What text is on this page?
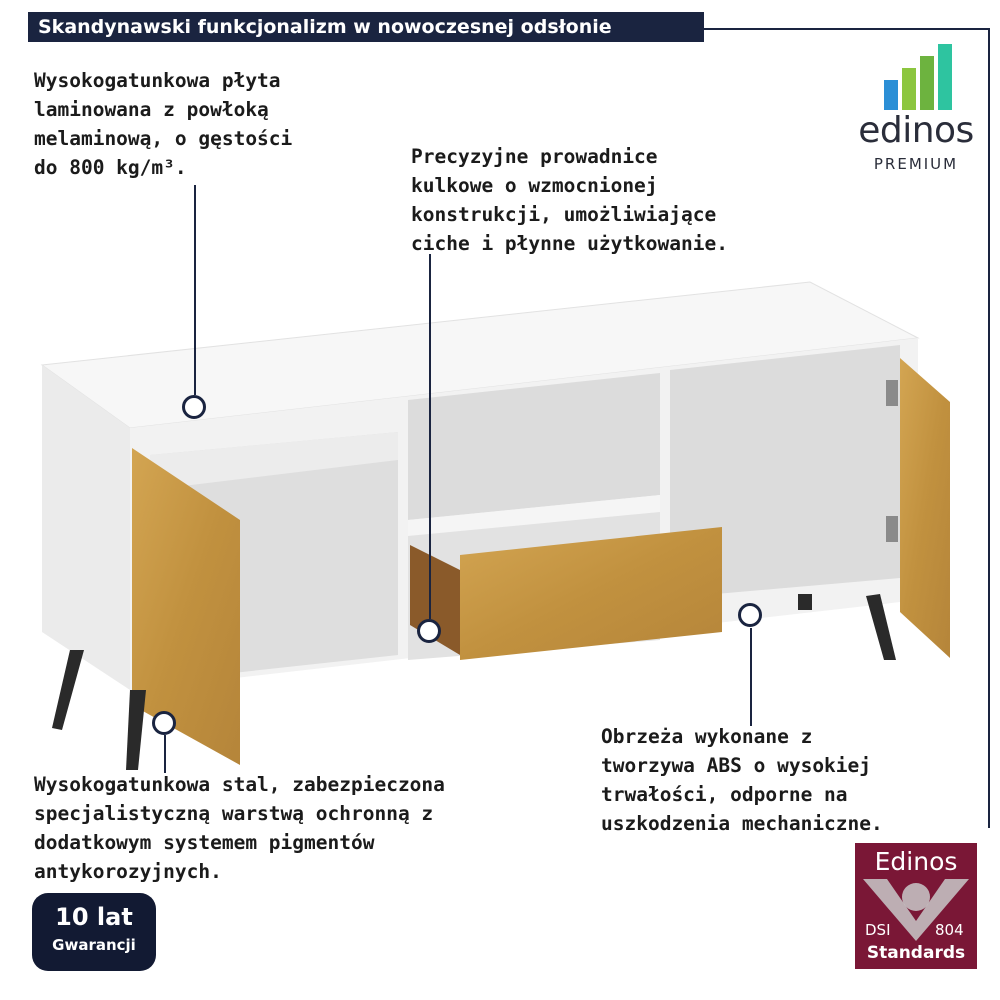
Skandynawski funkcjonalizm w nowoczesnej odsłonie
edinos
PREMIUM
Wysokogatunkowa płyta
laminowana z powłoką
melaminową, o gęstości
do 800 kg/m³.	Precyzyjne prowadnice
kulkowe o wzmocnionej
konstrukcji, umożliwiające
ciche i płynne użytkowanie.
Obrzeża wykonane z
tworzywa ABS o wysokiej
trwałości, odporne na
uszkodzenia mechaniczne.
Wysokogatunkowa stal, zabezpieczona
specjalistyczną warstwą ochronną z
dodatkowym systemem pigmentów
antykorozyjnych.
10 lat
Gwarancji
Edinos
DSI	804
Standards
